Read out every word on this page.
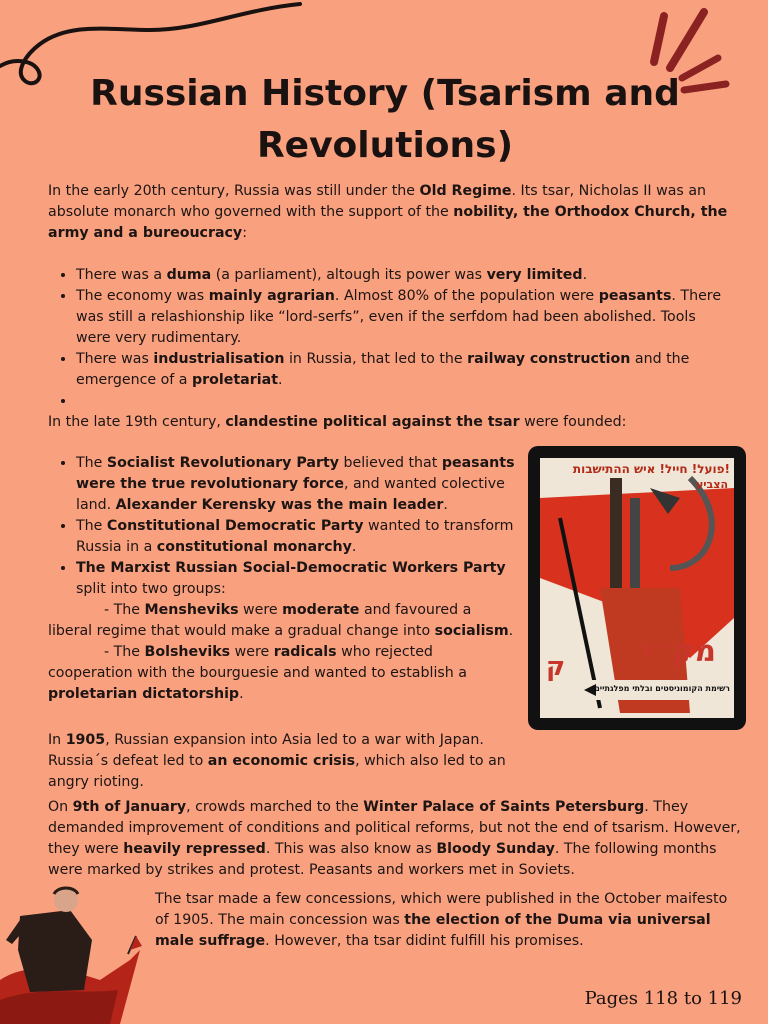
Russian History (Tsarism and Revolutions)

In the early 20th century, Russia was still under the Old Regime. Its tsar, Nicholas II was an absolute monarch who governed with the support of the nobility, the Orthodox Church, the army and a bureoucracy:

• There was a duma (a parliament), altough its power was very limited.
• The economy was mainly agrarian. Almost 80% of the population were peasants. There was still a relashionship like “lord-serfs”, even if the serfdom had been abolished. Tools were very rudimentary.
• There was industrialisation in Russia, that led to the railway construction and the emergence of a proletariat.
•

In the late 19th century, clandestine political against the tsar were founded:

• The Socialist Revolutionary Party believed that peasants were the true revolutionary force, and wanted colective land. Alexander Kerensky was the main leader.
• The Constitutional Democratic Party wanted to transform Russia in a constitutional monarchy.
• The Marxist Russian Social-Democratic Workers Party split into two groups:
- The Mensheviks were moderate and favoured a liberal regime that would make a gradual change into socialism.
- The Bolsheviks were radicals who rejected cooperation with the bourguesie and wanted to establish a proletarian dictatorship.
פועל! חייל! איש ההתישבות!
הצביע
מק״י
ק
רשימת הקומוניסטים ובלתי מפלגתיים

In 1905, Russian expansion into Asia led to a war with Japan. Russia´s defeat led to an economic crisis, which also led to an angry rioting.

On 9th of January, crowds marched to the Winter Palace of Saints Petersburg. They demanded improvement of conditions and political reforms, but not the end of tsarism. However, they were heavily repressed. This was also know as Bloody Sunday. The following months were marked by strikes and protest. Peasants and workers met in Soviets.

The tsar made a few concessions, which were published in the October maifesto of 1905. The main concession was the election of the Duma via universal male suffrage. However, tha tsar didint fulfill his promises.

Pages 118 to 119
